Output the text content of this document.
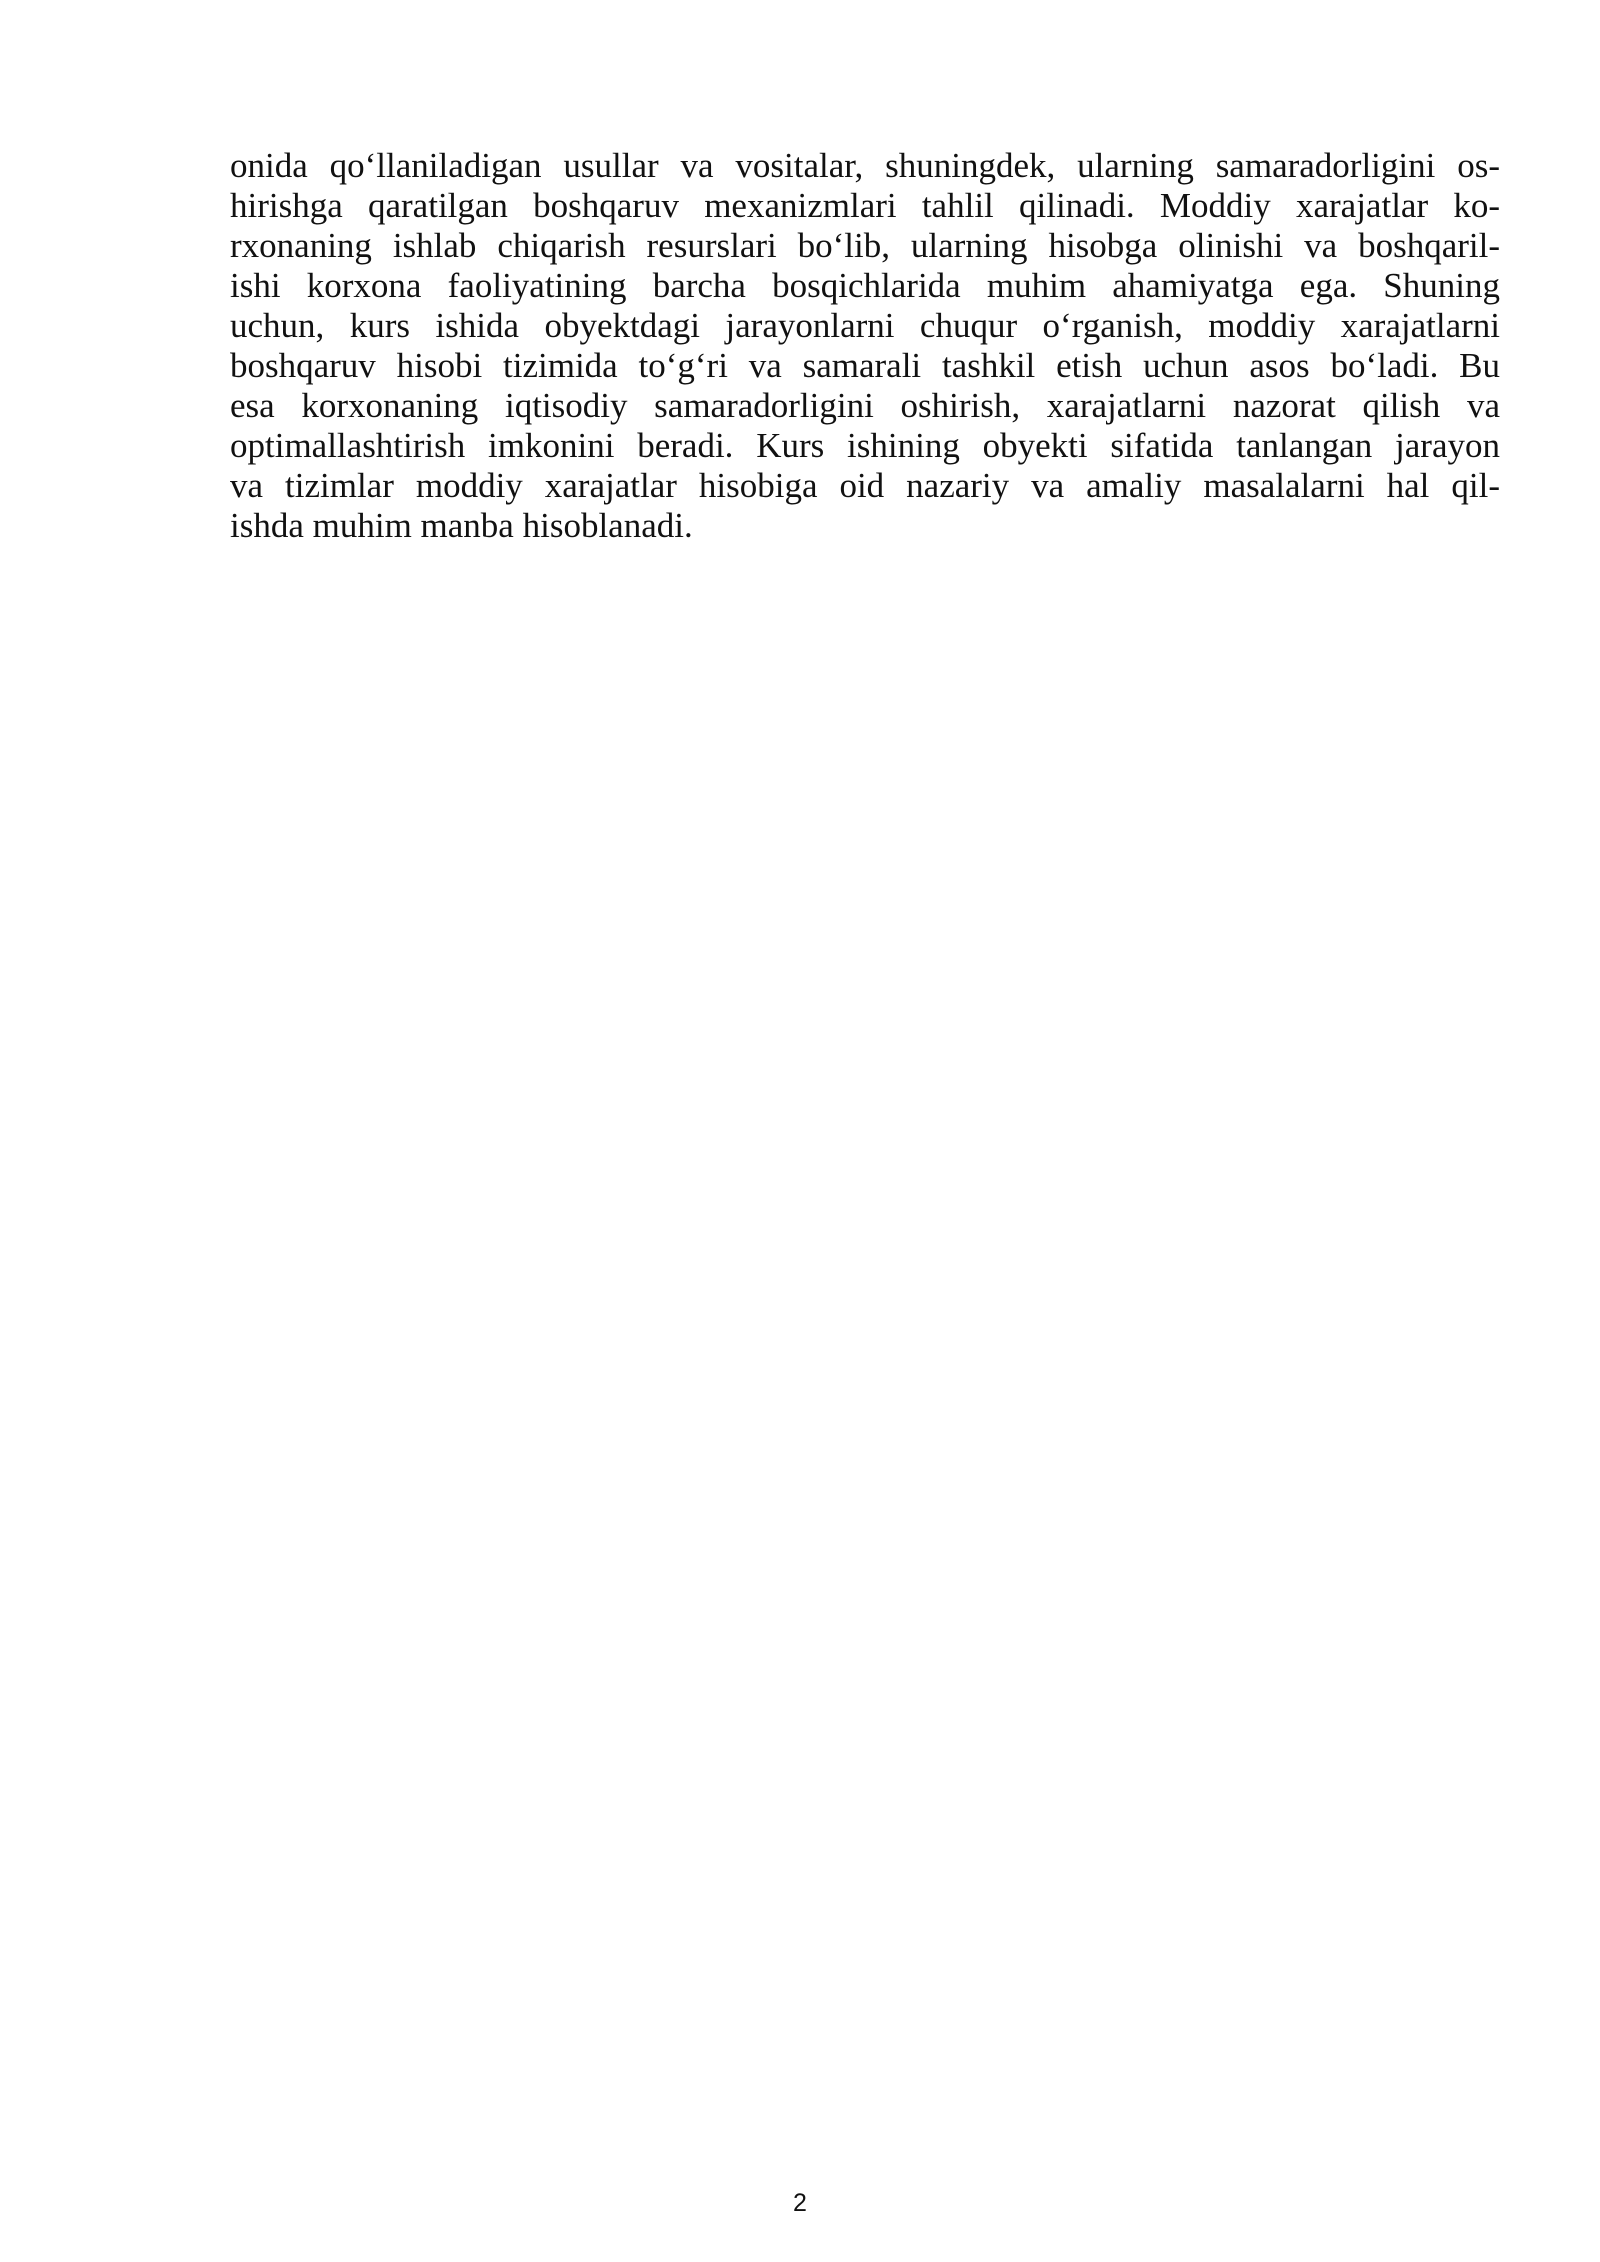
onida qo‘llaniladigan usullar va vositalar, shuningdek, ularning samaradorligini os-
hirishga qaratilgan boshqaruv mexanizmlari tahlil qilinadi. Moddiy xarajatlar ko-
rxonaning ishlab chiqarish resurslari bo‘lib, ularning hisobga olinishi va boshqaril-
ishi korxona faoliyatining barcha bosqichlarida muhim ahamiyatga ega. Shuning
uchun, kurs ishida obyektdagi jarayonlarni chuqur o‘rganish, moddiy xarajatlarni
boshqaruv hisobi tizimida to‘g‘ri va samarali tashkil etish uchun asos bo‘ladi. Bu
esa korxonaning iqtisodiy samaradorligini oshirish, xarajatlarni nazorat qilish va
optimallashtirish imkonini beradi. Kurs ishining obyekti sifatida tanlangan jarayon
va tizimlar moddiy xarajatlar hisobiga oid nazariy va amaliy masalalarni hal qil-
ishda muhim manba hisoblanadi.
2
